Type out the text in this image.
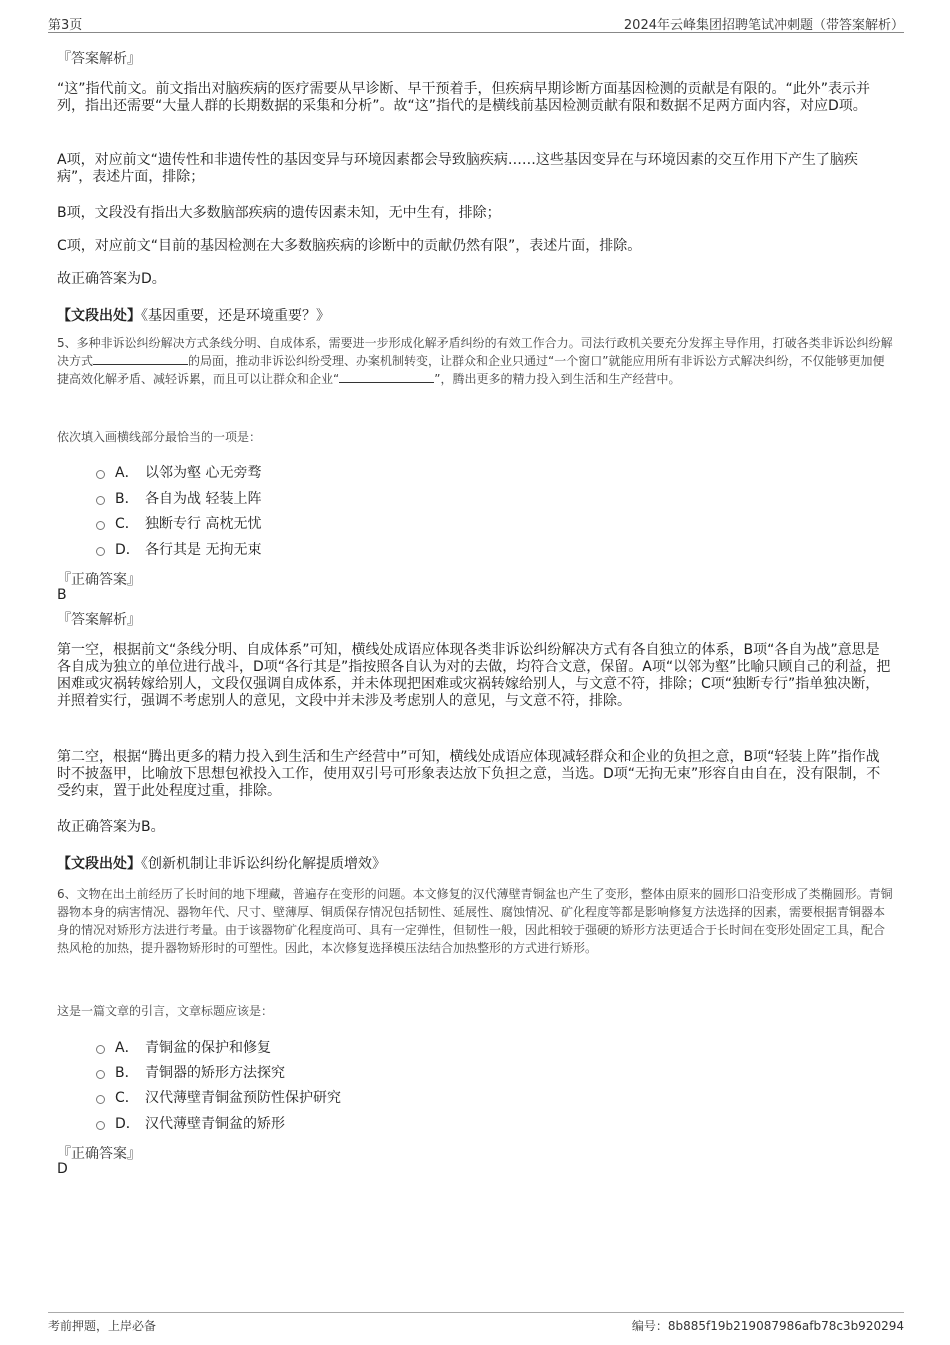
第3页	2024年云峰集团招聘笔试冲刺题（带答案解析）
『答案解析』

“这”指代前文。前文指出对脑疾病的医疗需要从早诊断、早干预着手，但疾病早期诊断方面基因检测的贡献是有限的。“此外”表示并列，指出还需要“大量人群的长期数据的采集和分析”。故“这”指代的是横线前基因检测贡献有限和数据不足两方面内容，对应D项。

A项，对应前文“遗传性和非遗传性的基因变异与环境因素都会导致脑疾病……这些基因变异在与环境因素的交互作用下产生了脑疾病”，表述片面，排除；

B项，文段没有指出大多数脑部疾病的遗传因素未知，无中生有，排除；

C项，对应前文“目前的基因检测在大多数脑疾病的诊断中的贡献仍然有限”，表述片面，排除。

故正确答案为D。

【文段出处】《基因重要，还是环境重要？》
5、多种非诉讼纠纷解决方式条线分明、自成体系，需要进一步形成化解矛盾纠纷的有效工作合力。司法行政机关要充分发挥主导作用，打破各类非诉讼纠纷解决方式	的局面，推动非诉讼纠纷受理、办案机制转变，让群众和企业只通过“一个窗口”就能应用所有非诉讼方式解决纠纷，不仅能够更加便捷高效化解矛盾、减轻诉累，而且可以让群众和企业“	”，腾出更多的精力投入到生活和生产经营中。
依次填入画横线部分最恰当的一项是：
A． 以邻为壑 心无旁骛
B． 各自为战 轻装上阵
C． 独断专行 高枕无忧
D． 各行其是 无拘无束
『正确答案』
B
『答案解析』

第一空，根据前文“条线分明、自成体系”可知，横线处成语应体现各类非诉讼纠纷解决方式有各自独立的体系，B项“各自为战”意思是各自成为独立的单位进行战斗，D项“各行其是”指按照各自认为对的去做，均符合文意，保留。A项“以邻为壑”比喻只顾自己的利益，把困难或灾祸转嫁给别人，文段仅强调自成体系，并未体现把困难或灾祸转嫁给别人，与文意不符，排除；C项“独断专行”指单独决断，并照着实行，强调不考虑别人的意见，文段中并未涉及考虑别人的意见，与文意不符，排除。

第二空，根据“腾出更多的精力投入到生活和生产经营中”可知，横线处成语应体现减轻群众和企业的负担之意，B项“轻装上阵”指作战时不披盔甲，比喻放下思想包袱投入工作，使用双引号可形象表达放下负担之意，当选。D项“无拘无束”形容自由自在，没有限制，不受约束，置于此处程度过重，排除。

故正确答案为B。

【文段出处】《创新机制让非诉讼纠纷化解提质增效》
6、文物在出土前经历了长时间的地下埋藏，普遍存在变形的问题。本文修复的汉代薄壁青铜盆也产生了变形，整体由原来的圆形口沿变形成了类椭圆形。青铜器物本身的病害情况、器物年代、尺寸、壁薄厚、铜质保存情况包括韧性、延展性、腐蚀情况、矿化程度等都是影响修复方法选择的因素，需要根据青铜器本身的情况对矫形方法进行考量。由于该器物矿化程度尚可、具有一定弹性，但韧性一般，因此相较于强硬的矫形方法更适合于长时间在变形处固定工具，配合热风枪的加热，提升器物矫形时的可塑性。因此，本次修复选择模压法结合加热整形的方式进行矫形。
这是一篇文章的引言，文章标题应该是：
A． 青铜盆的保护和修复
B． 青铜器的矫形方法探究
C． 汉代薄壁青铜盆预防性保护研究
D． 汉代薄壁青铜盆的矫形
『正确答案』
D
考前押题，上岸必备	编号：8b885f19b219087986afb78c3b920294
